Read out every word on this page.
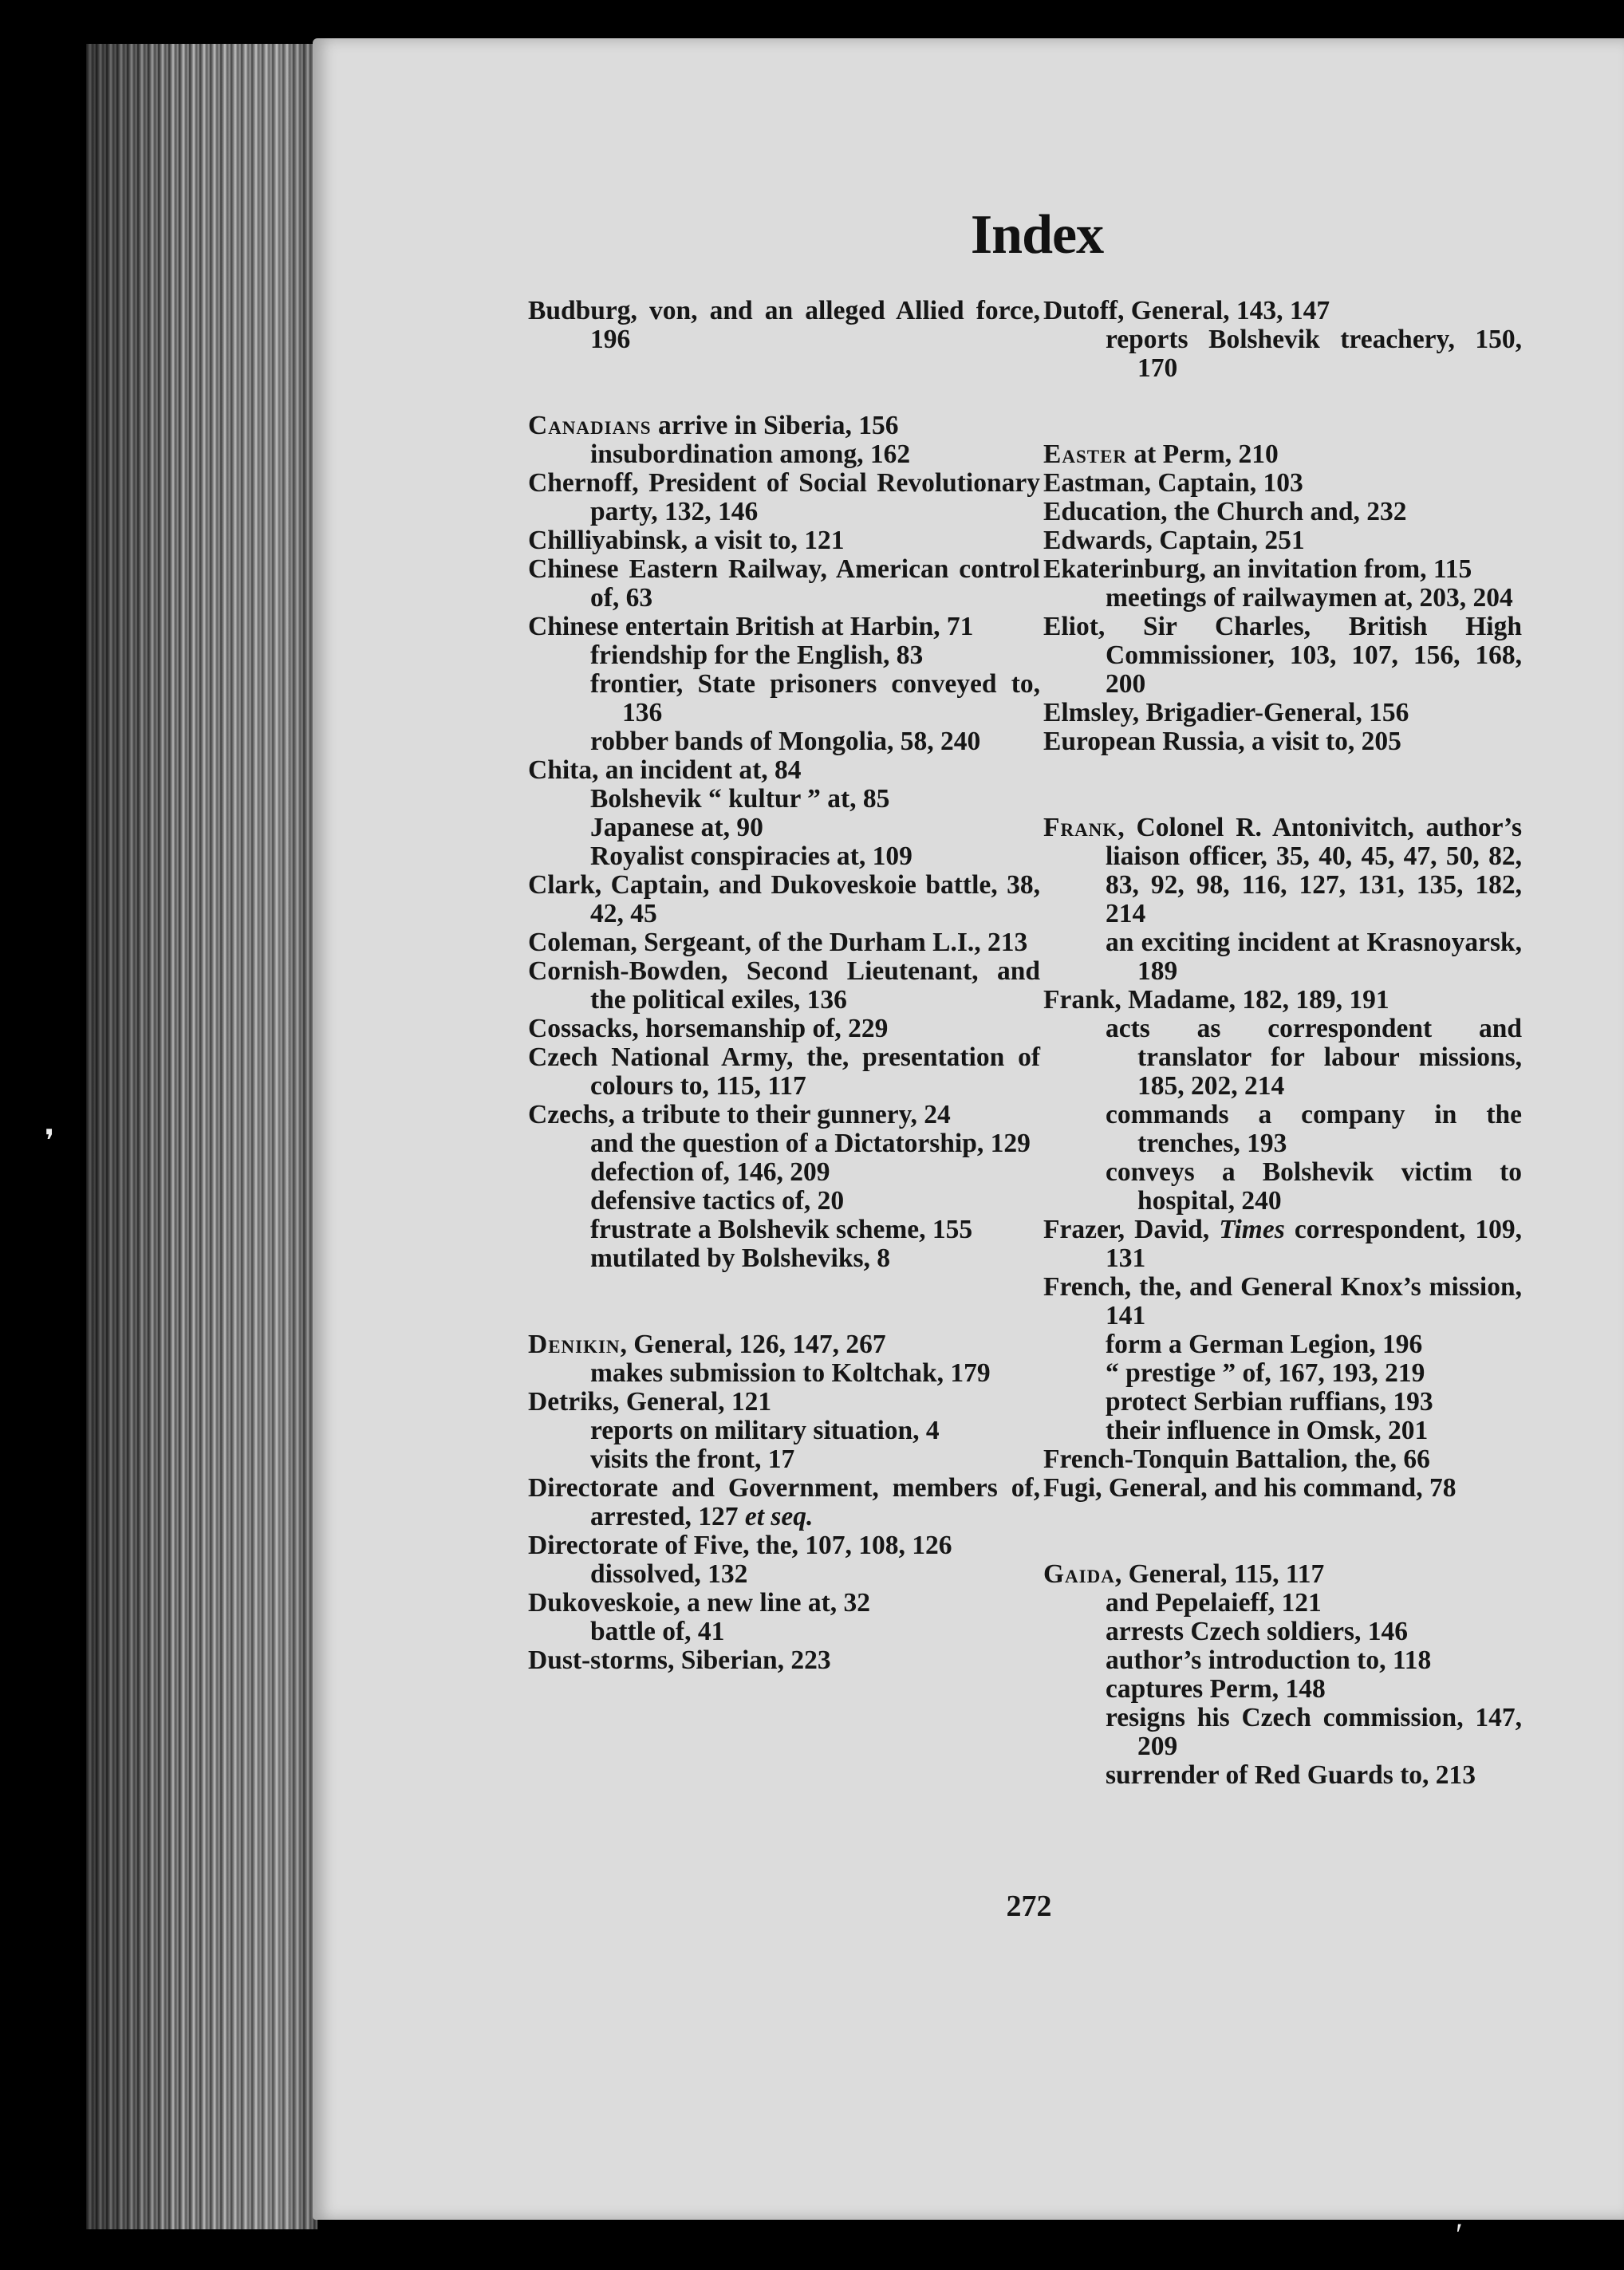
❜
Index
Budburg, von, and an alleged Allied force, 196
Canadians arrive in Siberia, 156
insubordination among, 162
Chernoff, President of Social Revolutionary party, 132, 146
Chilliyabinsk, a visit to, 121
Chinese Eastern Railway, American control of, 63
Chinese entertain British at Harbin, 71
friendship for the English, 83
frontier, State prisoners conveyed to, 136
robber bands of Mongolia, 58, 240
Chita, an incident at, 84
Bolshevik “ kultur ” at, 85
Japanese at, 90
Royalist conspiracies at, 109
Clark, Captain, and Dukoveskoie battle, 38, 42, 45
Coleman, Sergeant, of the Durham L.I., 213
Cornish-Bowden, Second Lieutenant, and the political exiles, 136
Cossacks, horsemanship of, 229
Czech National Army, the, presentation of colours to, 115, 117
Czechs, a tribute to their gunnery, 24
and the question of a Dictatorship, 129
defection of, 146, 209
defensive tactics of, 20
frustrate a Bolshevik scheme, 155
mutilated by Bolsheviks, 8
Denikin, General, 126, 147, 267
makes submission to Koltchak, 179
Detriks, General, 121
reports on military situation, 4
visits the front, 17
Directorate and Government, members of, arrested, 127 et seq.
Directorate of Five, the, 107, 108, 126
dissolved, 132
Dukoveskoie, a new line at, 32
battle of, 41
Dust-storms, Siberian, 223
Dutoff, General, 143, 147
reports Bolshevik treachery, 150, 170
Easter at Perm, 210
Eastman, Captain, 103
Education, the Church and, 232
Edwards, Captain, 251
Ekaterinburg, an invitation from, 115
meetings of railwaymen at, 203, 204
Eliot, Sir Charles, British High Commissioner, 103, 107, 156, 168, 200
Elmsley, Brigadier-General, 156
European Russia, a visit to, 205
Frank, Colonel R. Antonivitch, author’s liaison officer, 35, 40, 45, 47, 50, 82, 83, 92, 98, 116, 127, 131, 135, 182, 214
an exciting incident at Krasnoyarsk, 189
Frank, Madame, 182, 189, 191
acts as correspondent and translator for labour missions, 185, 202, 214
commands a company in the trenches, 193
conveys a Bolshevik victim to hospital, 240
Frazer, David, Times correspondent, 109, 131
French, the, and General Knox’s mission, 141
form a German Legion, 196
“ prestige ” of, 167, 193, 219
protect Serbian ruffians, 193
their influence in Omsk, 201
French-Tonquin Battalion, the, 66
Fugi, General, and his command, 78
Gaida, General, 115, 117
and Pepelaieff, 121
arrests Czech soldiers, 146
author’s introduction to, 118
captures Perm, 148
resigns his Czech commission, 147, 209
surrender of Red Guards to, 213
272
ʹ
